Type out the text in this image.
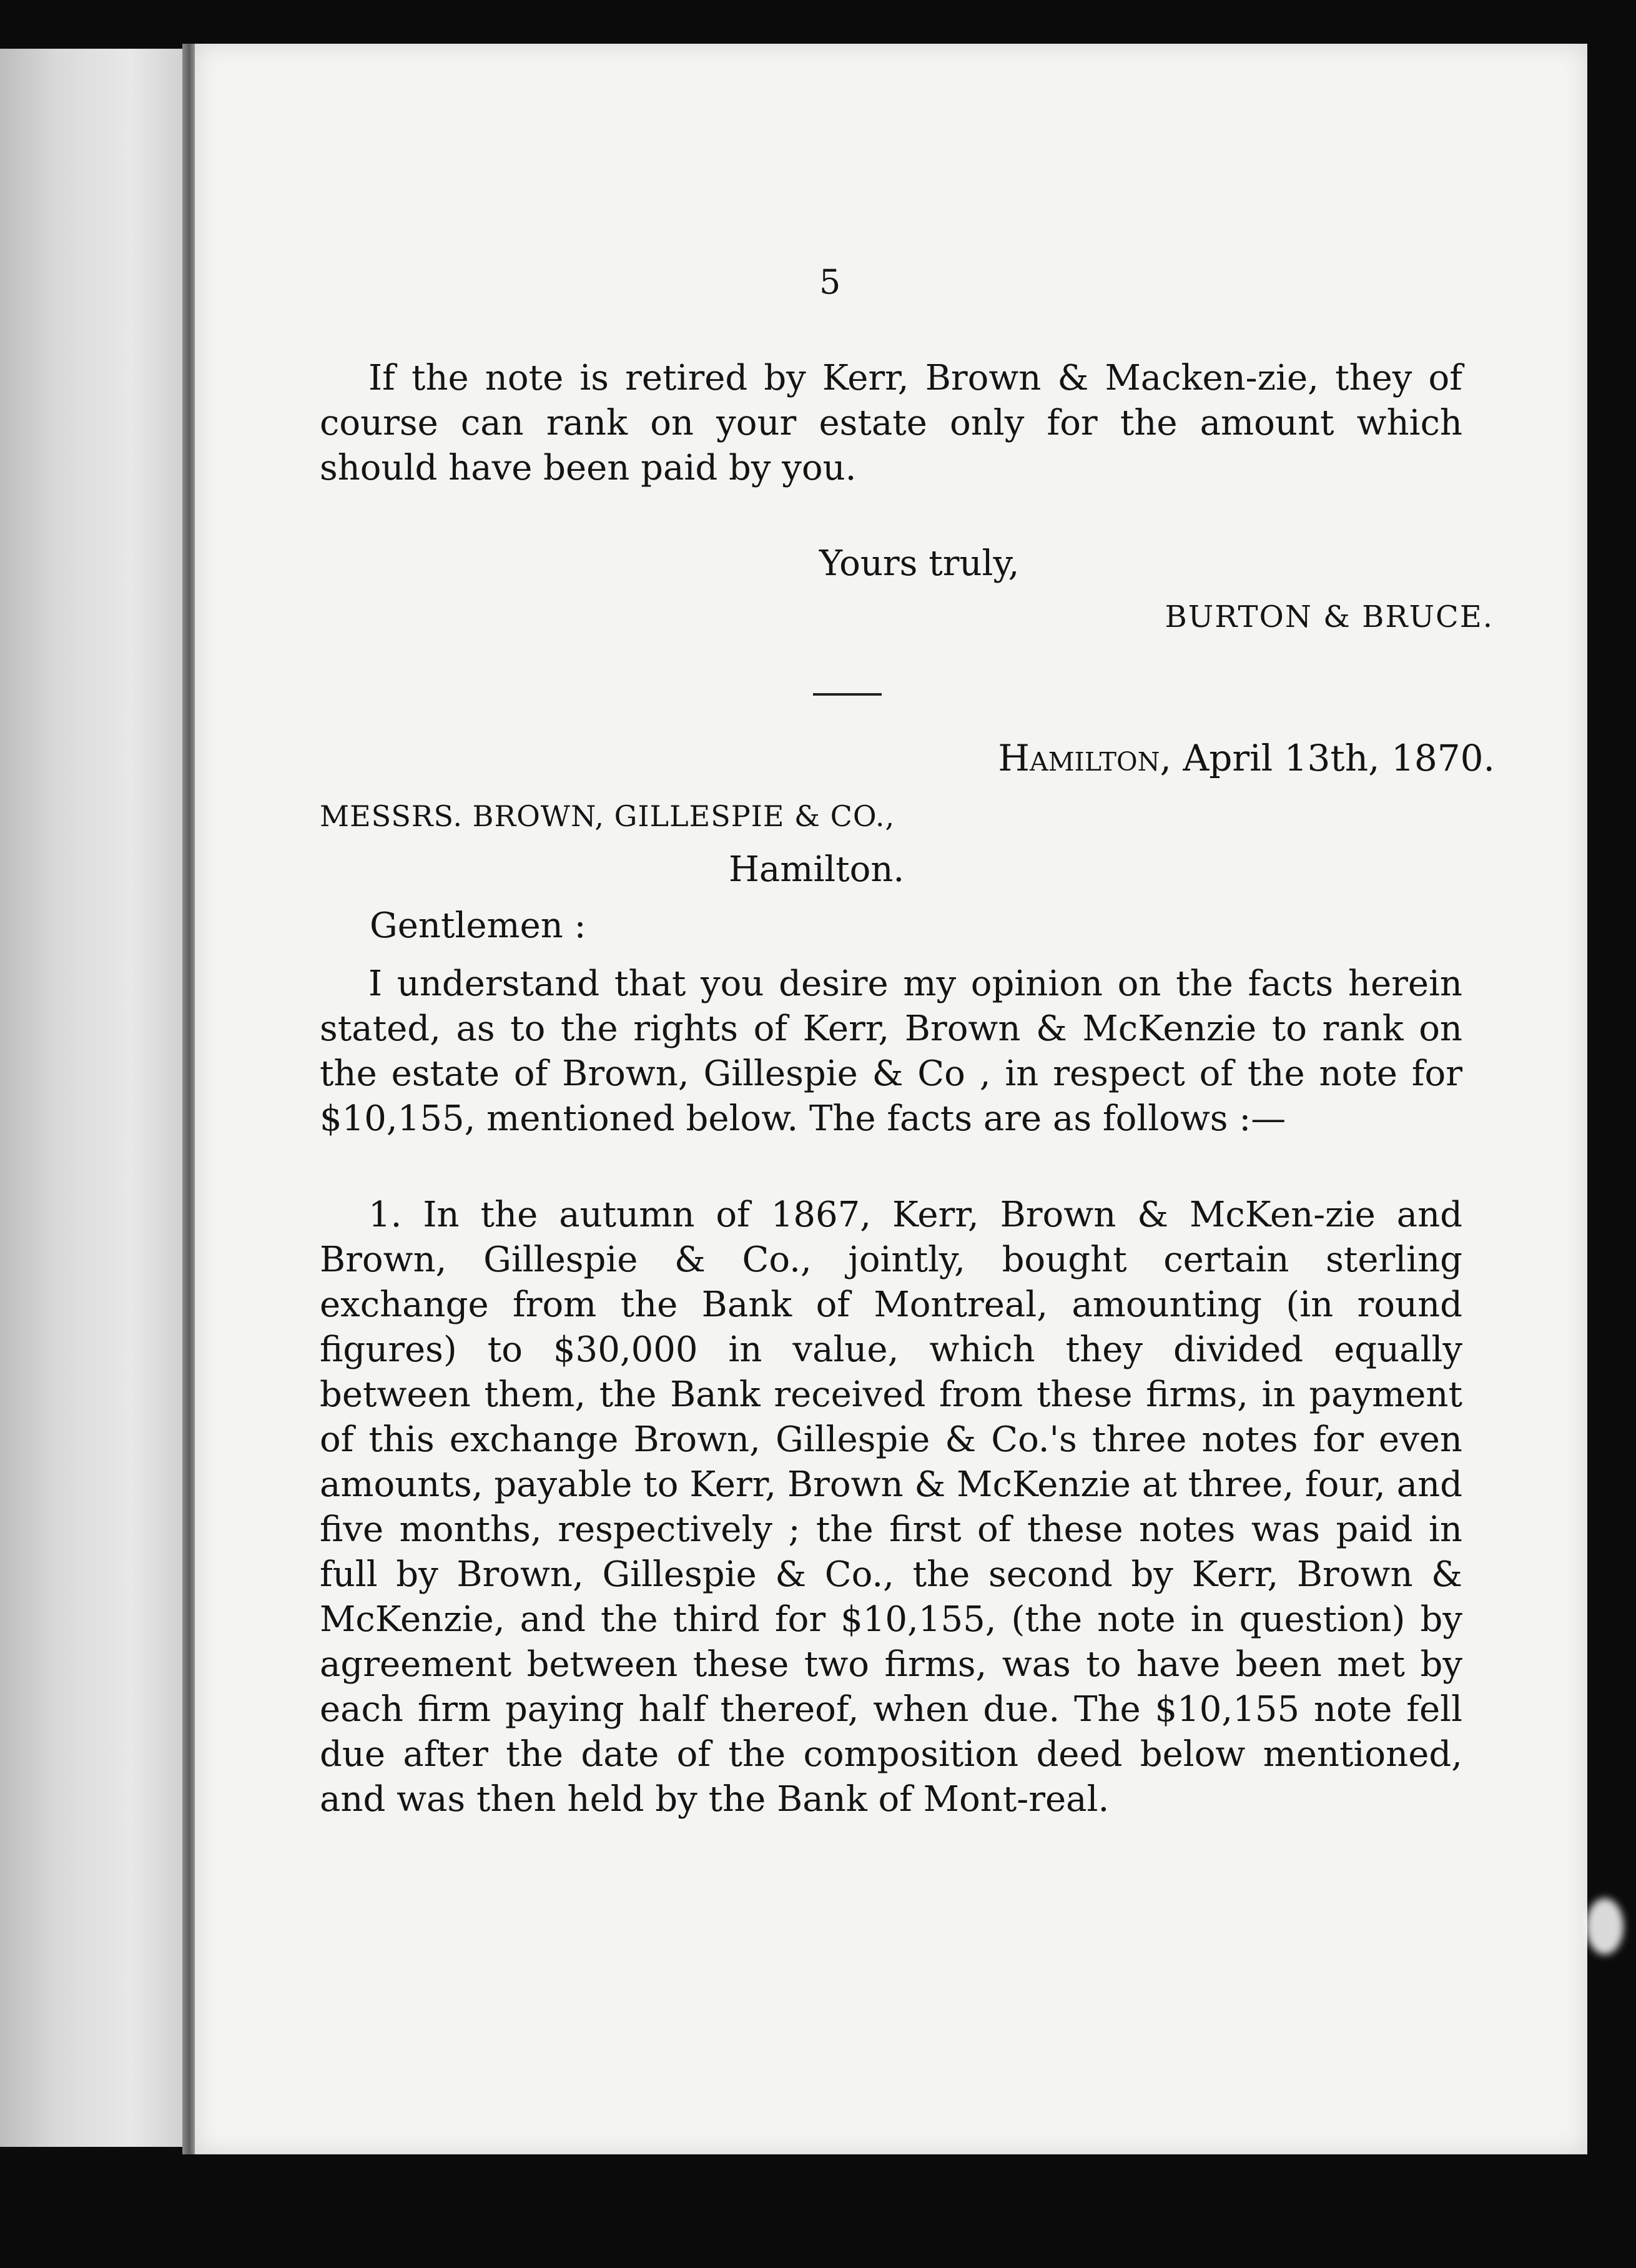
5
If the note is retired by Kerr, Brown & Macken-zie, they of course can rank on your estate only for the amount which should have been paid by you.
Yours truly,
BURTON & BRUCE.
Hamilton, April 13th, 1870.
MESSRS. BROWN, GILLESPIE & CO.,
Hamilton.
Gentlemen :
I understand that you desire my opinion on the facts herein stated, as to the rights of Kerr, Brown & McKenzie to rank on the estate of Brown, Gillespie & Co , in respect of the note for $10,155, mentioned below. The facts are as follows :—
1. In the autumn of 1867, Kerr, Brown & McKen-zie and Brown, Gillespie & Co., jointly, bought certain sterling exchange from the Bank of Montreal, amounting (in round figures) to $30,000 in value, which they divided equally between them, the Bank received from these firms, in payment of this exchange Brown, Gillespie & Co.'s three notes for even amounts, payable to Kerr, Brown & McKenzie at three, four, and five months, respectively ; the first of these notes was paid in full by Brown, Gillespie & Co., the second by Kerr, Brown & McKenzie, and the third for $10,155, (the note in question) by agreement between these two firms, was to have been met by each firm paying half thereof, when due. The $10,155 note fell due after the date of the composition deed below mentioned, and was then held by the Bank of Mont-real.
